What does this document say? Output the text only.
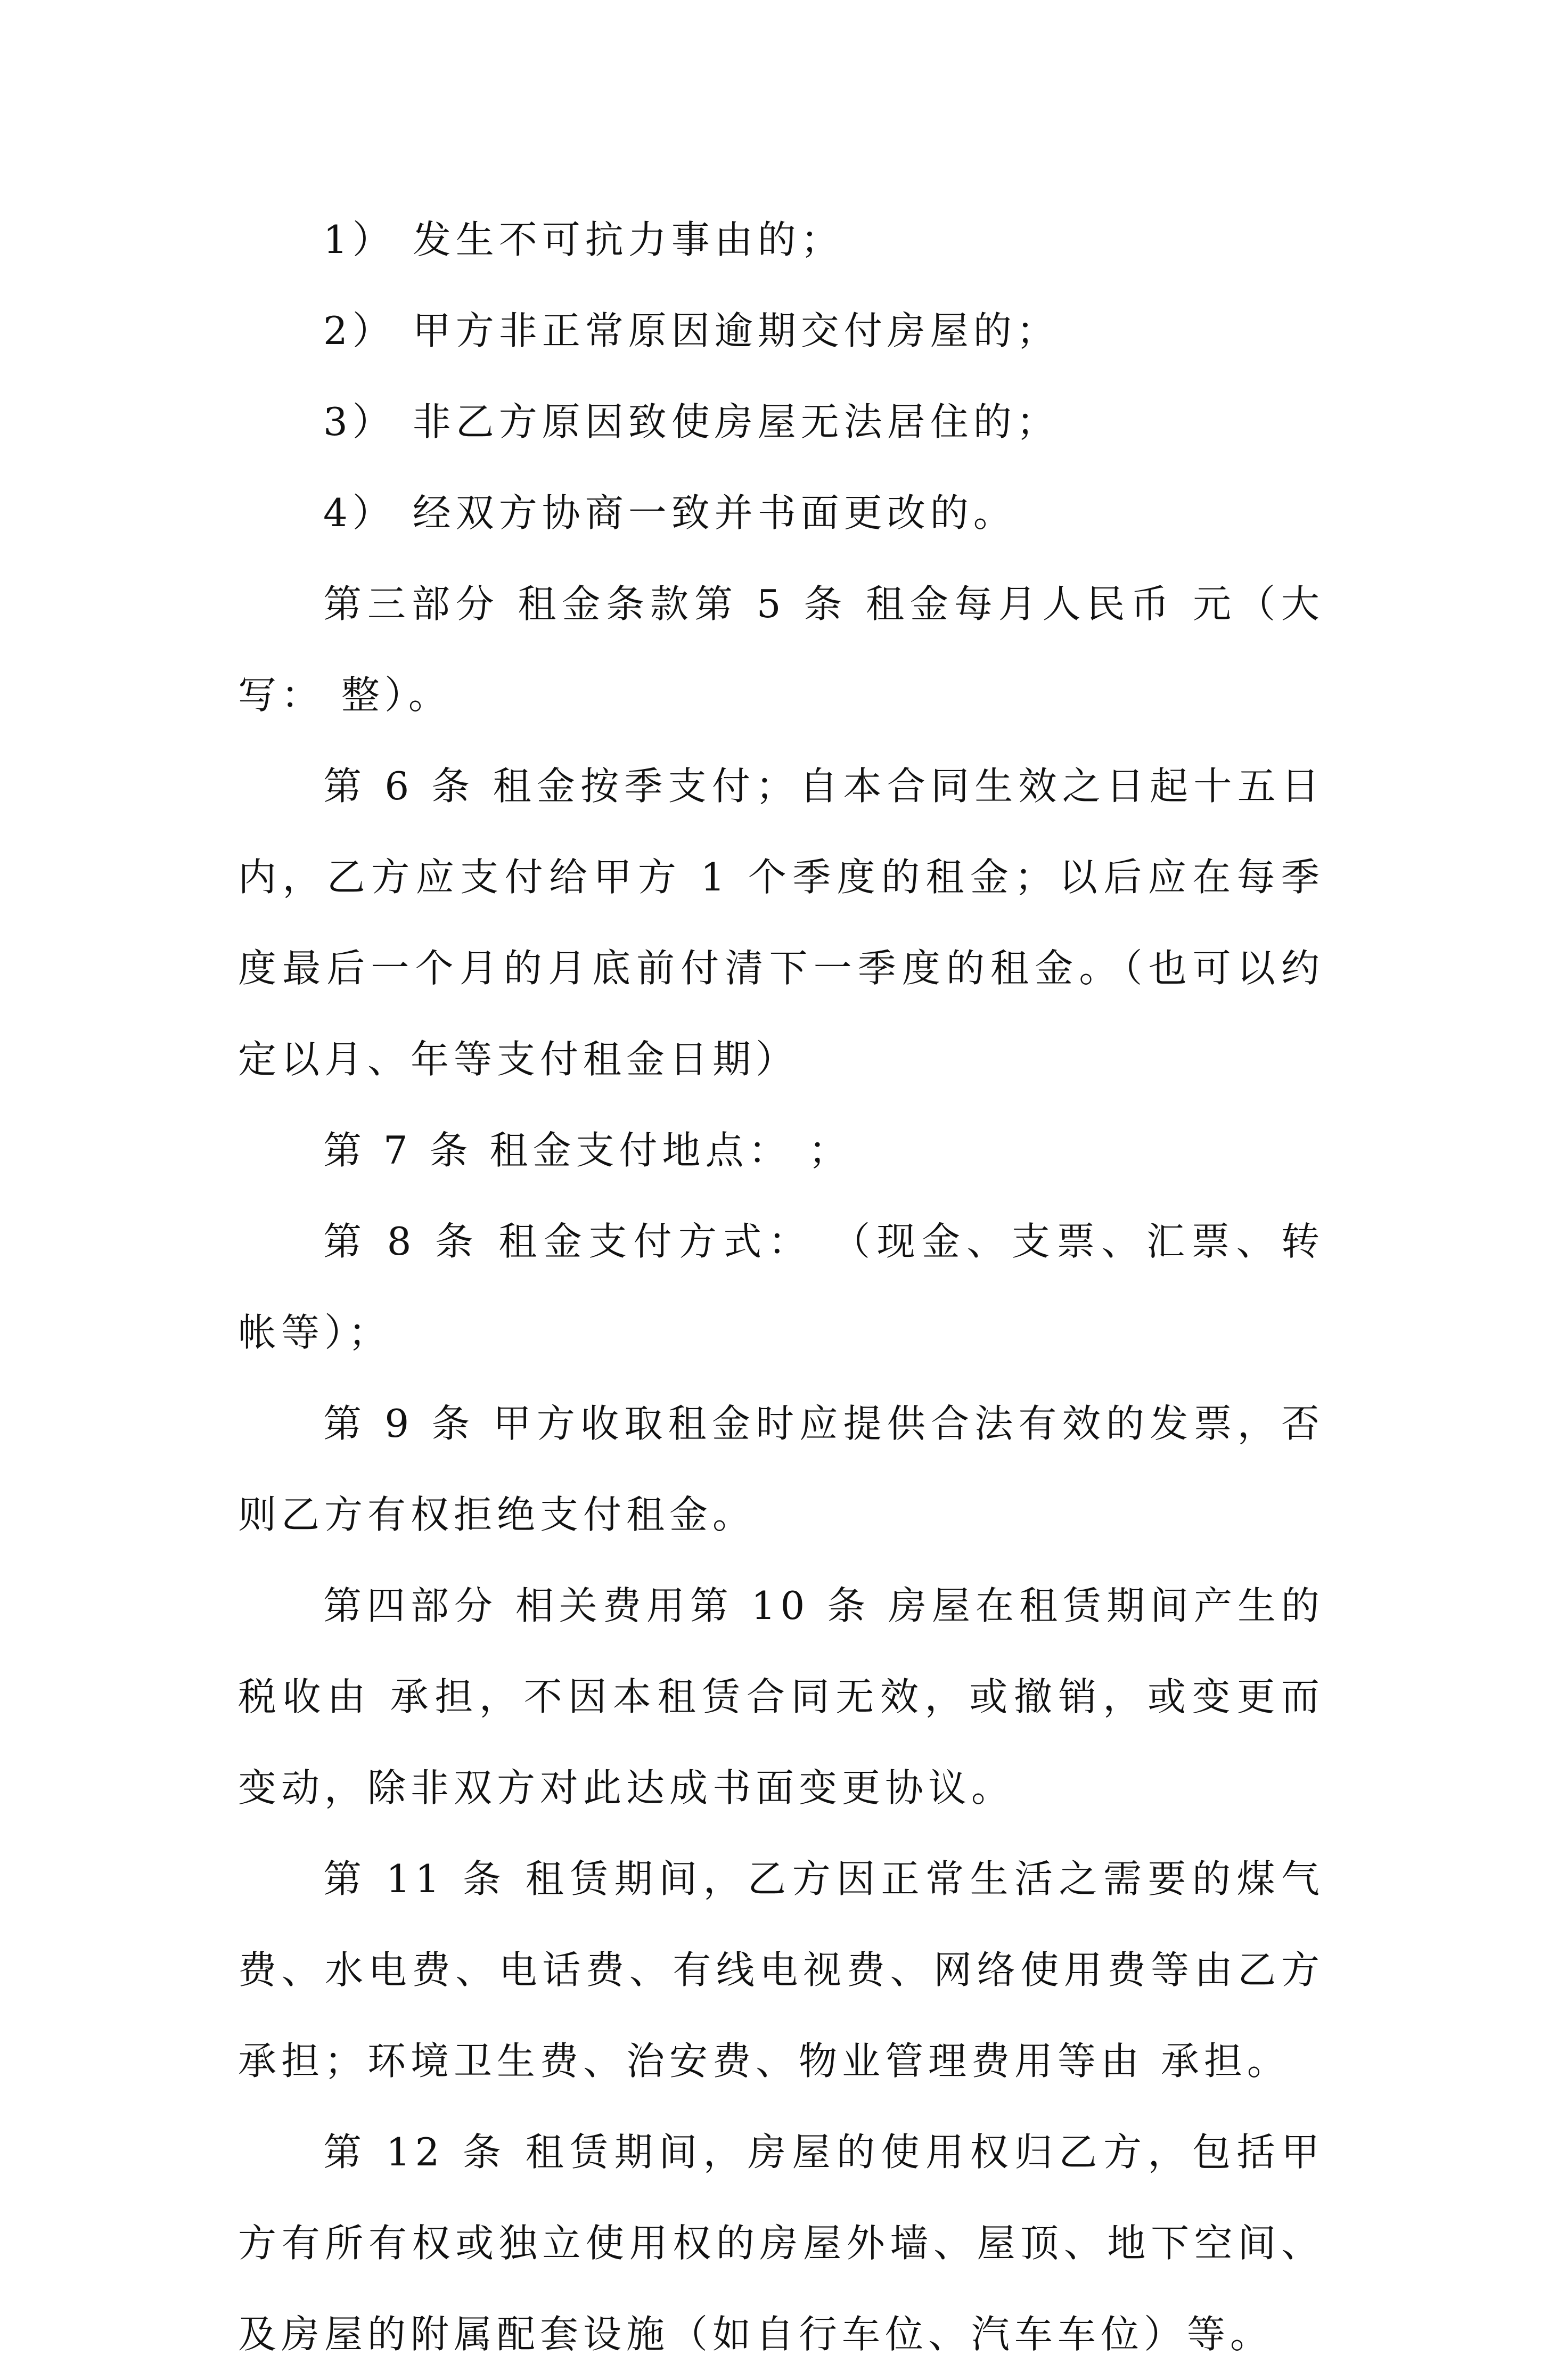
1） 发生不可抗力事由的；

2） 甲方非正常原因逾期交付房屋的；

3） 非乙方原因致使房屋无法居住的；

4） 经双方协商一致并书面更改的。

第三部分 租金条款第 5 条 租金每月人民币 元（大写： 整）。

第 6 条 租金按季支付；自本合同生效之日起十五日内，乙方应支付给甲方 1 个季度的租金；以后应在每季度最后一个月的月底前付清下一季度的租金。（也可以约定以月、年等支付租金日期）

第 7 条 租金支付地点： ；

第 8 条 租金支付方式： （现金、支票、汇票、转帐等）；

第 9 条 甲方收取租金时应提供合法有效的发票，否则乙方有权拒绝支付租金。

第四部分 相关费用第 10 条 房屋在租赁期间产生的税收由 承担，不因本租赁合同无效，或撤销，或变更而变动，除非双方对此达成书面变更协议。

第 11 条 租赁期间，乙方因正常生活之需要的煤气费、水电费、电话费、有线电视费、网络使用费等由乙方承担；环境卫生费、治安费、物业管理费用等由 承担。

第 12 条 租赁期间，房屋的使用权归乙方，包括甲方有所有权或独立使用权的房屋外墙、屋顶、地下空间、及房屋的附属配套设施（如自行车位、汽车车位）等。
